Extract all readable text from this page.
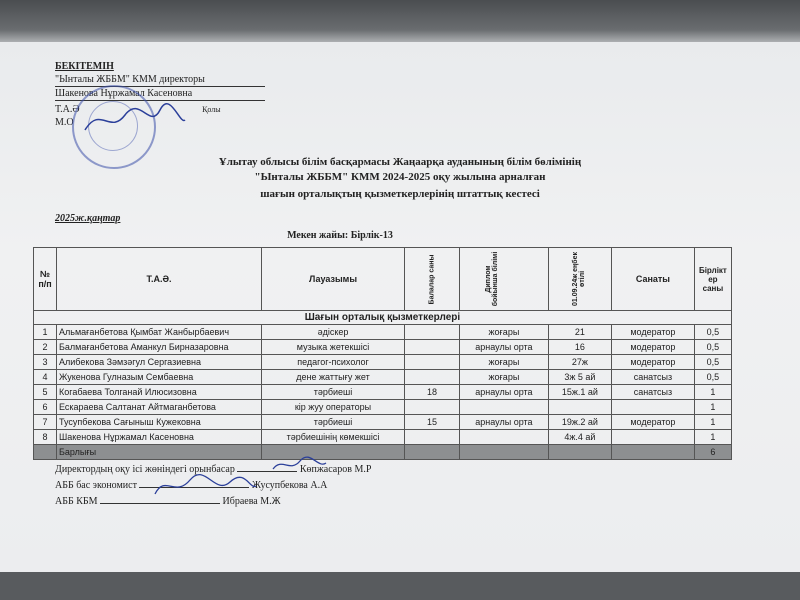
БЕКІТЕМІН
"Ынталы ЖББМ" КММ директоры
Шакенова Нұржамал Касеновна
Т.А.Ә	Қолы
М.О
Ұлытау облысы білім басқармасы Жаңаарқа ауданының білім бөлімінің
"Ынталы ЖББМ" КММ 2024-2025 оқу жылына арналған
шағын орталықтың қызметкерлерінің штаттық кестесі
2025ж.қаңтар
Мекен жайы: Бірлік-13
№ п/п	Т.А.Ә.	Лауазымы	Балалар саны	Диплом бойынша білімі	01.09.24ж еңбек өтілі	Санаты	Бірлікт ер саны
Шағын орталық қызметкерлері							
1	Альмағанбетова Қымбат Жанбырбаевич	әдіскер		жоғары	21	модератор	0,5
2	Балмағанбетова Аманкул Бирназаровна	музыка жетекшісі		арнаулы орта	16	модератор	0,5
3	Алибекова Зәмзәгул Сергазиевна	педагог-психолог		жоғары	27ж	модератор	0,5
4	Жукенова Гулназым Сембаевна	дене жаттығу жет		жоғары	3ж 5 ай	санатсыз	0,5
5	Когабаева Толганай Илюсизовна	тәрбиеші	18	арнаулы орта	15ж.1 ай	санатсыз	1
6	Ескараева Салтанат Айтмаганбетова	кір жуу операторы					1
7	Тусупбекова Сағыныш Кужековна	тәрбиеші	15	арнаулы орта	19ж.2 ай	модератор	1
8	Шакенова Нұржамал Касеновна	тәрбиешінің көмекшісі			4ж.4 ай		1
	Барлығы						6
Директордың оқу ісі жөніндегі орынбасар	Көпжасаров М.Р
АББ бас экономист	Жусупбекова А.А
АББ КБМ	Ибраева М.Ж
